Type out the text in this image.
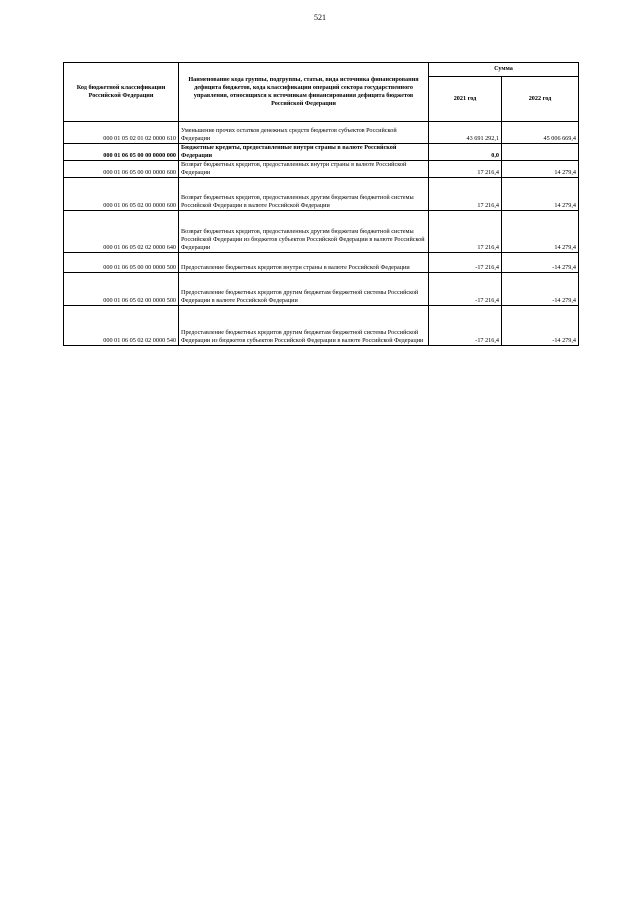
521
Код бюджетной классификации Российской Федерации	Наименование кода группы, подгруппы, статьи, вида источника финансирования дефицита бюджетов, кода классификации операций сектора государственного управления, относящихся к источникам финансирования дефицита бюджетов Российской Федерации	Сумма	
		2021 год	2022 год
000 01 05 02 01 02 0000 610	Уменьшение прочих остатков денежных средств бюджетов субъектов Российской Федерации	43 691 292,1	45 006 669,4
000 01 06 05 00 00 0000 000	Бюджетные кредиты, предоставленные внутри страны в валюте Российской Федерации	0,0	
000 01 06 05 00 00 0000 600	Возврат бюджетных кредитов, предоставленных внутри страны в валюте Российской Федерации	17 216,4	14 279,4
000 01 06 05 02 00 0000 600	Возврат бюджетных кредитов, предоставленных другим бюджетам бюджетной системы Российской Федерации в валюте Российской Федерации	17 216,4	14 279,4
000 01 06 05 02 02 0000 640	Возврат бюджетных кредитов, предоставленных другим бюджетам бюджетной системы Российской Федерации из бюджетов субъектов Российской Федерации в валюте Российской Федерации	17 216,4	14 279,4
000 01 06 05 00 00 0000 500	Предоставление бюджетных кредитов внутри страны в валюте Российской Федерации	-17 216,4	-14 279,4
000 01 06 05 02 00 0000 500	Предоставление бюджетных кредитов другим бюджетам бюджетной системы Российской Федерации в валюте Российской Федерации	-17 216,4	-14 279,4
000 01 06 05 02 02 0000 540	Предоставление бюджетных кредитов другим бюджетам бюджетной системы Российской Федерации из бюджетов субъектов Российской Федерации в валюте Российской Федерации	-17 216,4	-14 279,4
